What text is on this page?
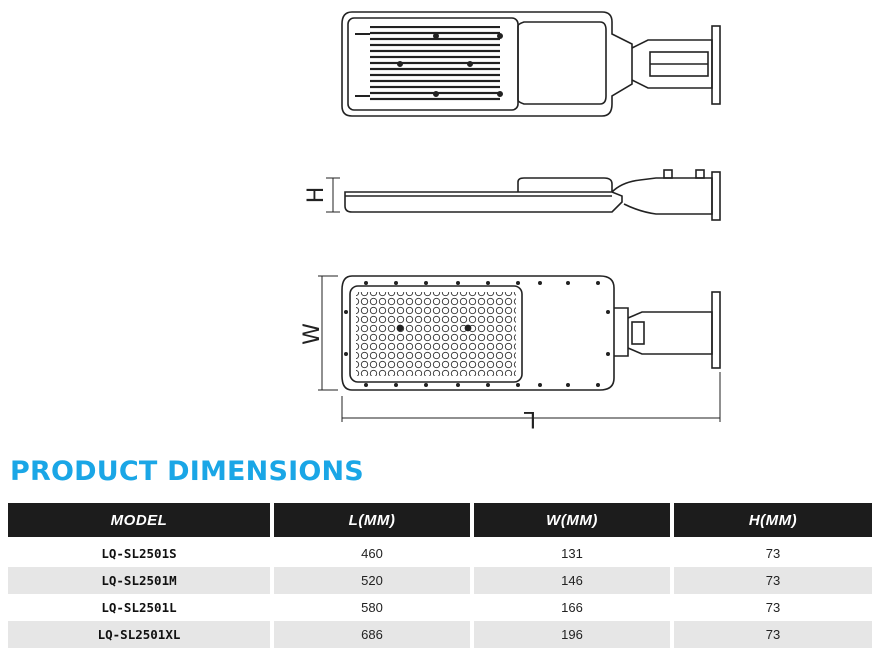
H
W
L
PRODUCT DIMENSIONS
MODEL	L(MM)	W(MM)	H(MM)
LQ-SL2501S	460	131	73
LQ-SL2501M	520	146	73
LQ-SL2501L	580	166	73
LQ-SL2501XL	686	196	73
